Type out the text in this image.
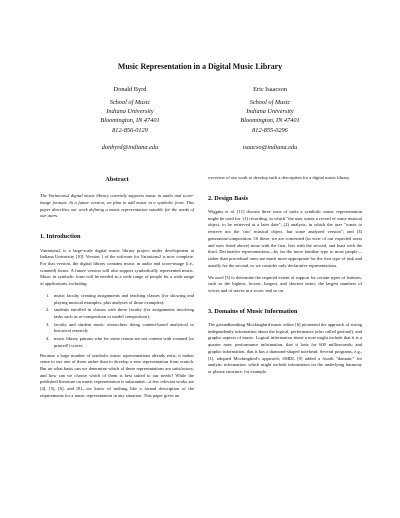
Music Representation in a Digital Music Library
Donald Byrd
School of Music
Indiana University
Bloomington, IN 47401
812-856-0129
donbyrd@indiana.edu
Eric Isaacson
School of Music
Indiana University
Bloomington, IN 47401
812-855-0296
isaacso@indiana.edu
Abstract

The Variations2 digital music library currently supports music in audio and score-image formats. In a future version, we plan to add music in a symbolic form. This paper describes our work defining a music representation suitable for the needs of our users.

1. Introduction

Variations2 is a large-scale digital music library project under development at Indiana University [10]. Version 1 of the software for Variations2 is now complete. For that version, the digital library contains music in audio and score-image (i.e., scanned) forms. A future version will also support symbolically represented music. Music in symbolic form will be needed to a wide range of people for a wide range of applications, including:

1. music faculty creating assignments and teaching classes (for showing and playing musical examples, plus analyses of those examples);
2. students enrolled in classes with these faculty (for assignments involving tasks such as re-composition or model composition);
3. faculty and student music researchers doing content-based analytical or historical research;
4. music library patrons who for some reason are not content with scanned (or printed!) scores.

Because a large number of symbolic music representations already exist, it makes sense to use one of these rather than to develop a new representation from scratch. But on what basis can we determine which of these representations are satisfactory, and how can we choose which of them is best suited to our needs? While the published literature on music representation is substantial—a few relevant works are [4], [5], [6], and [8]—we know of nothing like a formal description of the requirements for a music representation in any situation. This paper gives an

overview of our work to develop such a description for a digital music library.

2. Design Basis

Wiggins et al. [11] discuss three sorts of tasks a symbolic music representation might be used for: (1) recording, in which "the user wants a record of some musical object, to be retrieved at a later date"; (2) analysis, in which the user "wants to retrieve not the 'raw' musical object, but some analyzed version"; and (3) generation/composition. Of these, we are concerned (in view of our expected users and uses listed above) most with the first, less with the second, and least with the third. Declarative representations—by far the more familiar type to most people—rather than procedural ones are much more appropriate for the first type of task and usually for the second, so we consider only declarative representations.

We used [3] to determine the required extent of support for certain types of features, such as the highest, lowest, longest, and shortest notes; the largest numbers of voices and of staves in a score; and so on.

3. Domains of Music Information

The groundbreaking Mockingbird music editor [6] pioneered the approach of strong independently information about the logical, performance (also called gestural), and graphic aspects of music. Logical information about a note might include that it is a quarter note; performance information, that it lasts for 600 milliseconds; and graphic information, that it has a diamond-shaped notehead. Several programs, e.g., [1], adopted Mockingbird's approach; SMDL [9] added a fourth "domain," for analytic information, which might include information on the underlying harmony or phrase structure, for example.
